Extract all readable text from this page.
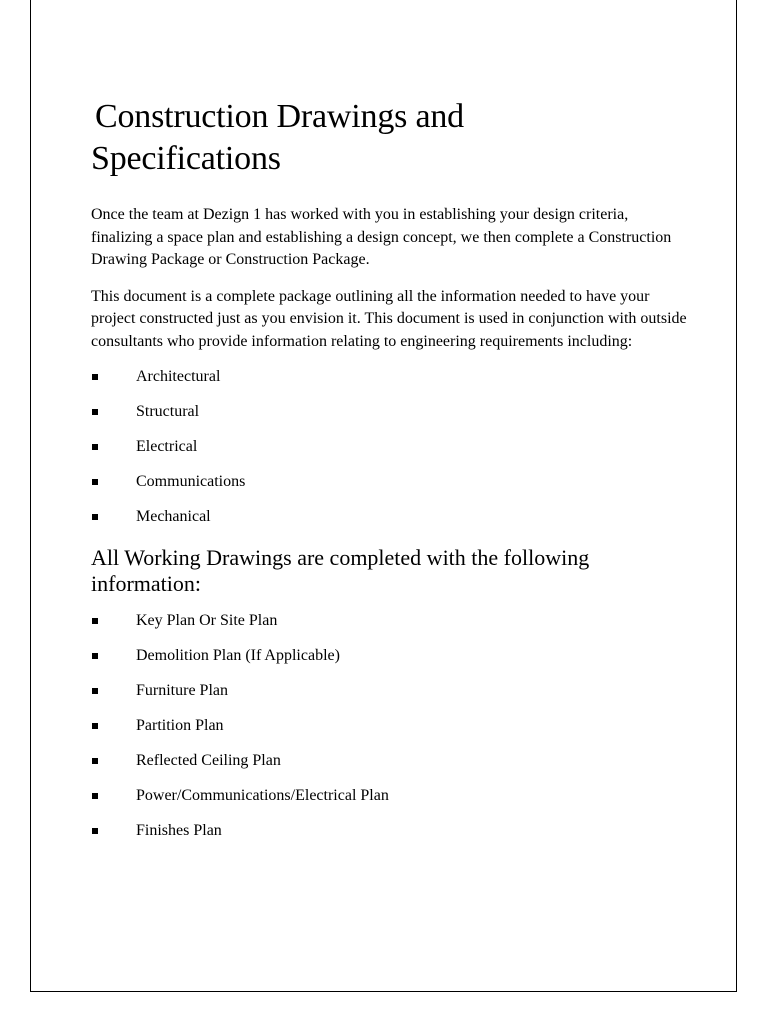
Construction Drawings and
Specifications

Once the team at Dezign 1 has worked with you in establishing your design criteria, finalizing a space plan and establishing a design concept, we then complete a Construction Drawing Package or Construction Package.

This document is a complete package outlining all the information needed to have your project constructed just as you envision it. This document is used in conjunction with outside consultants who provide information relating to engineering requirements including:

Architectural
Structural
Electrical
Communications
Mechanical
All Working Drawings are completed with the following information:
Key Plan Or Site Plan
Demolition Plan (If Applicable)
Furniture Plan
Partition Plan
Reflected Ceiling Plan
Power/Communications/Electrical Plan
Finishes Plan
